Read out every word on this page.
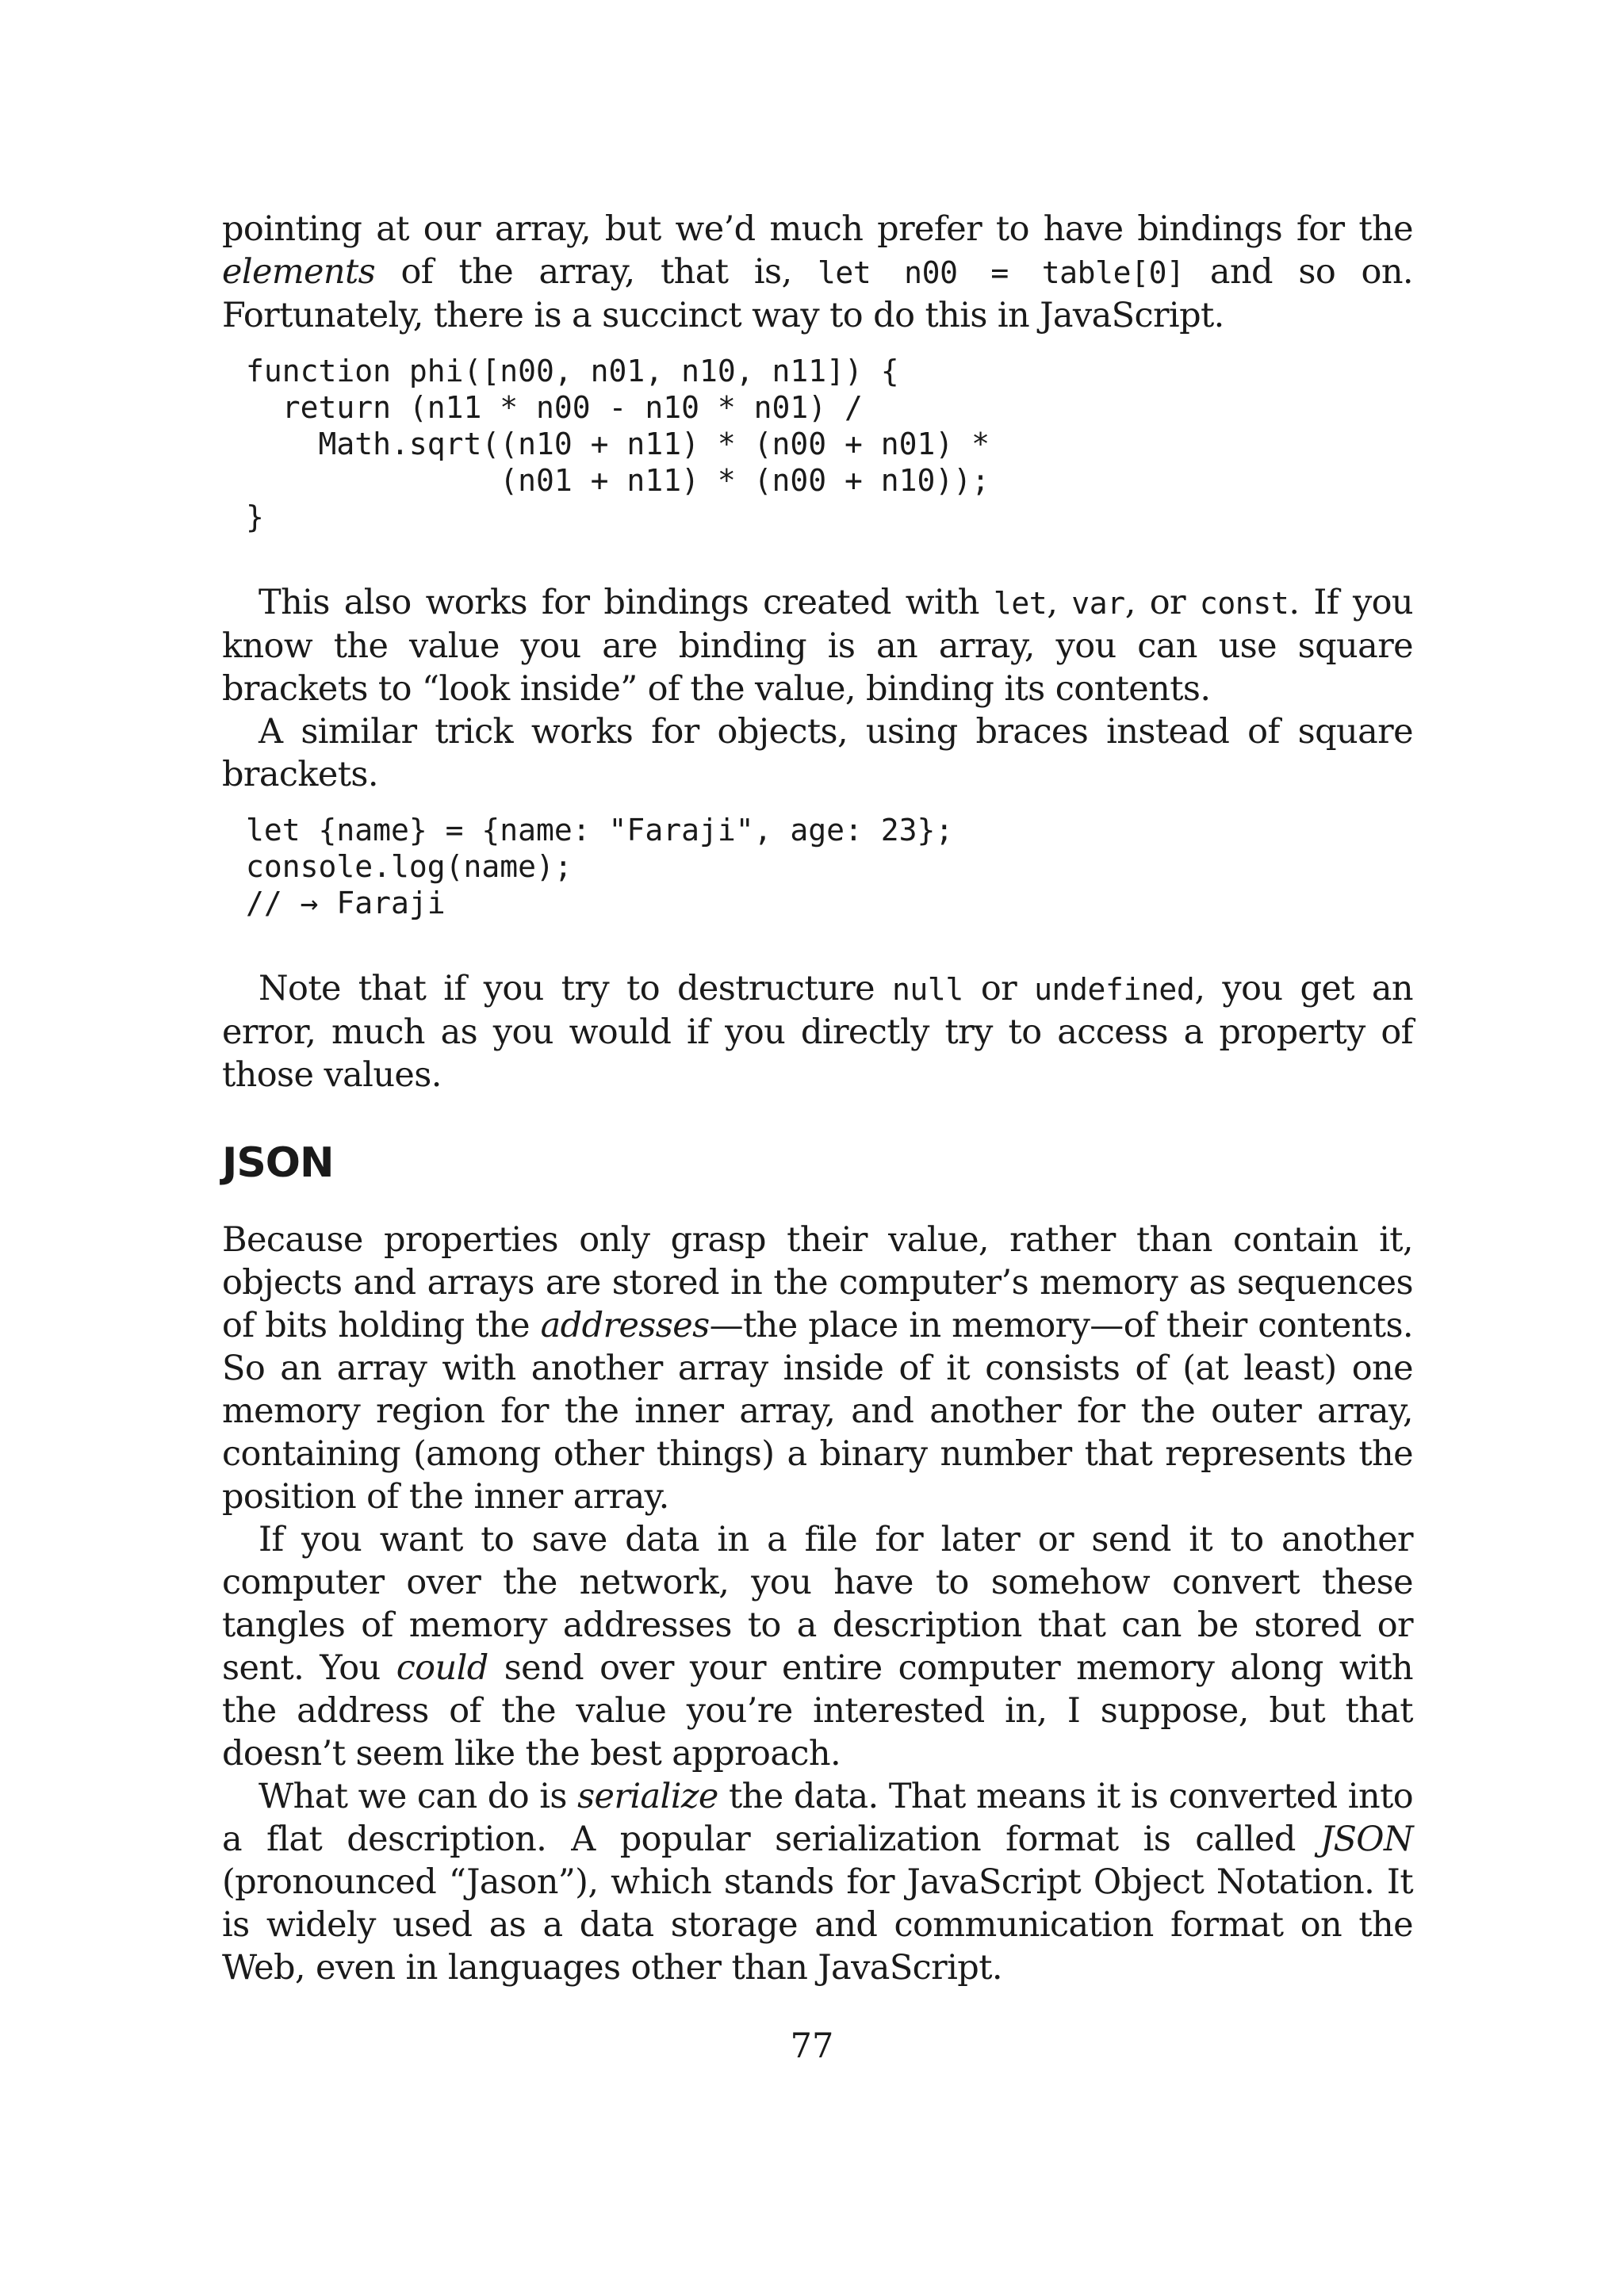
pointing at our array, but we’d much prefer to have bindings for the elements of the array, that is, let n00 = table[0] and so on. Fortunately, there is a succinct way to do this in JavaScript.

function phi([n00, n01, n10, n11]) {
return (n11 * n00 - n10 * n01) /
Math.sqrt((n10 + n11) * (n00 + n01) *
(n01 + n11) * (n00 + n10));
}

This also works for bindings created with let, var, or const. If you know the value you are binding is an array, you can use square brackets to “look inside” of the value, binding its contents.

A similar trick works for objects, using braces instead of square brackets.

let {name} = {name: "Faraji", age: 23};
console.log(name);
// → Faraji

Note that if you try to destructure null or undefined, you get an error, much as you would if you directly try to access a property of those values.

JSON

Because properties only grasp their value, rather than contain it, objects and arrays are stored in the computer’s memory as sequences of bits holding the addresses—the place in memory—of their contents. So an array with another array inside of it consists of (at least) one memory region for the inner array, and another for the outer array, containing (among other things) a binary number that represents the position of the inner array.

If you want to save data in a file for later or send it to another computer over the network, you have to somehow convert these tangles of memory addresses to a description that can be stored or sent. You could send over your entire computer memory along with the address of the value you’re interested in, I suppose, but that doesn’t seem like the best approach.

What we can do is serialize the data. That means it is converted into a flat description. A popular serialization format is called JSON (pronounced “Jason”), which stands for JavaScript Object Notation. It is widely used as a data storage and communication format on the Web, even in languages other than JavaScript.

77
